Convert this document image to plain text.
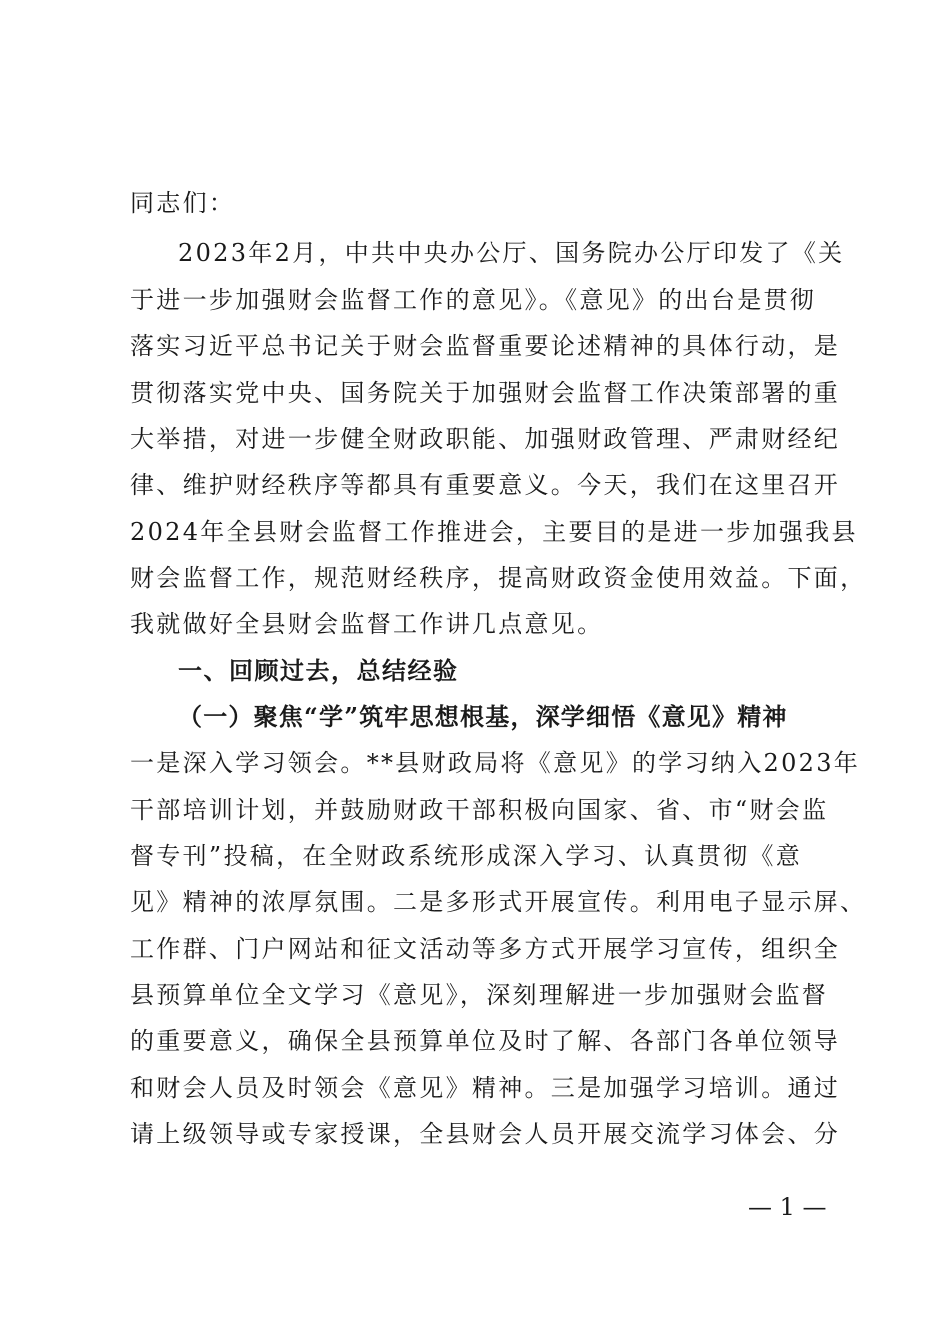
同志们：
2023年2月，中共中央办公厅、国务院办公厅印发了《关
于进一步加强财会监督工作的意见》。《意见》的出台是贯彻
落实习近平总书记关于财会监督重要论述精神的具体行动，是
贯彻落实党中央、国务院关于加强财会监督工作决策部署的重
大举措，对进一步健全财政职能、加强财政管理、严肃财经纪
律、维护财经秩序等都具有重要意义。今天，我们在这里召开
2024年全县财会监督工作推进会，主要目的是进一步加强我县
财会监督工作，规范财经秩序，提高财政资金使用效益。下面，
我就做好全县财会监督工作讲几点意见。
一、回顾过去，总结经验
（一）聚焦“学”筑牢思想根基，深学细悟《意见》精神
一是深入学习领会。**县财政局将《意见》的学习纳入2023年
干部培训计划，并鼓励财政干部积极向国家、省、市“财会监
督专刊”投稿，在全财政系统形成深入学习、认真贯彻《意
见》精神的浓厚氛围。二是多形式开展宣传。利用电子显示屏、
工作群、门户网站和征文活动等多方式开展学习宣传，组织全
县预算单位全文学习《意见》，深刻理解进一步加强财会监督
的重要意义，确保全县预算单位及时了解、各部门各单位领导
和财会人员及时领会《意见》精神。三是加强学习培训。通过
请上级领导或专家授课，全县财会人员开展交流学习体会、分
— 1 —
